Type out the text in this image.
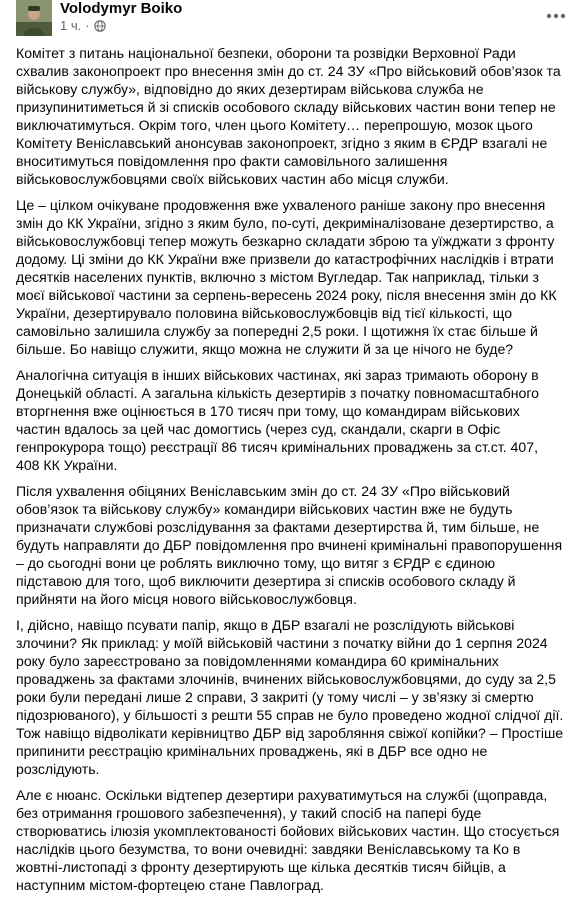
Volodymyr Boiko
1 ч. ·

Комітет з питань національної безпеки, оборони та розвідки Верховної Ради схвалив законопроект про внесення змін до ст. 24 ЗУ «Про військовий обов’язок та військову службу», відповідно до яких дезертирам військова служба не призупинитиметься й зі списків особового складу військових частин вони тепер не виключатимуться. Окрім того, член цього Комітету… перепрошую, мозок цього Комітету Веніславський анонсував законопроект, згідно з яким в ЄРДР взагалі не вноситимуться повідомлення про факти самовільного залишення військовослужбовцями своїх військових частин або місця служби.

Це – цілком очікуване продовження вже ухваленого раніше закону про внесення змін до КК України, згідно з яким було, по-суті, декриміналізоване дезертирство, а військовослужбовці тепер можуть безкарно складати зброю та уїжджати з фронту додому. Ці зміни до КК України вже призвели до катастрофічних наслідків і втрати десятків населених пунктів, включно з містом Вугледар. Так наприклад, тільки з моєї військової частини за серпень-вересень 2024 року, після внесення змін до КК України, дезертирувало половина військовослужбовців від тієї кількості, що самовільно залишила службу за попередні 2,5 роки. І щотижня їх стає більше й більше. Бо навіщо служити, якщо можна не служити й за це нічого не буде?

Аналогічна ситуація в інших військових частинах, які зараз тримають оборону в Донецькій області. А загальна кількість дезертирів з початку повномасштабного вторгнення вже оцінюється в 170 тисяч при тому, що командирам військових частин вдалось за цей час домогтись (через суд, скандали, скарги в Офіс генпрокурора тощо) реєстрації 86 тисяч кримінальних проваджень за ст.ст. 407, 408 КК України.

Після ухвалення обіцяних Веніславським змін до ст. 24 ЗУ «Про військовий обов’язок та військову службу» командири військових частин вже не будуть призначати службові розслідування за фактами дезертирства й, тим більше, не будуть направляти до ДБР повідомлення про вчинені кримінальні правопорушення – до сьогодні вони це роблять виключно тому, що витяг з ЄРДР є єдиною підставою для того, щоб виключити дезертира зі списків особового складу й прийняти на його місця нового військовослужбовця.

І, дійсно, навіщо псувати папір, якщо в ДБР взагалі не розслідують військові злочини? Як приклад: у моїй військовій частини з початку війни до 1 серпня 2024 року було зареєстровано за повідомленнями командира 60 кримінальних проваджень за фактами злочинів, вчинених військовослужбовцями, до суду за 2,5 роки були передані лише 2 справи, 3 закриті (у тому числі – у зв’язку зі смертю підозрюваного), у більшості з решти 55 справ не було проведено жодної слідчої дії. Тож навіщо відволікати керівництво ДБР від заробляння свіжої копійки? – Простіше припинити реєстрацію кримінальних проваджень, які в ДБР все одно не розслідують.

Але є нюанс. Оскільки відтепер дезертири рахуватимуться на службі (щоправда, без отримання грошового забезпечення), у такий спосіб на папері буде створюватись ілюзія укомплектованості бойових військових частин. Що стосується наслідків цього безумства, то вони очевидні: завдяки Веніславському та Ко в жовтні-листопаді з фронту дезертирують ще кілька десятків тисяч бійців, а наступним містом-фортецею стане Павлоград.
